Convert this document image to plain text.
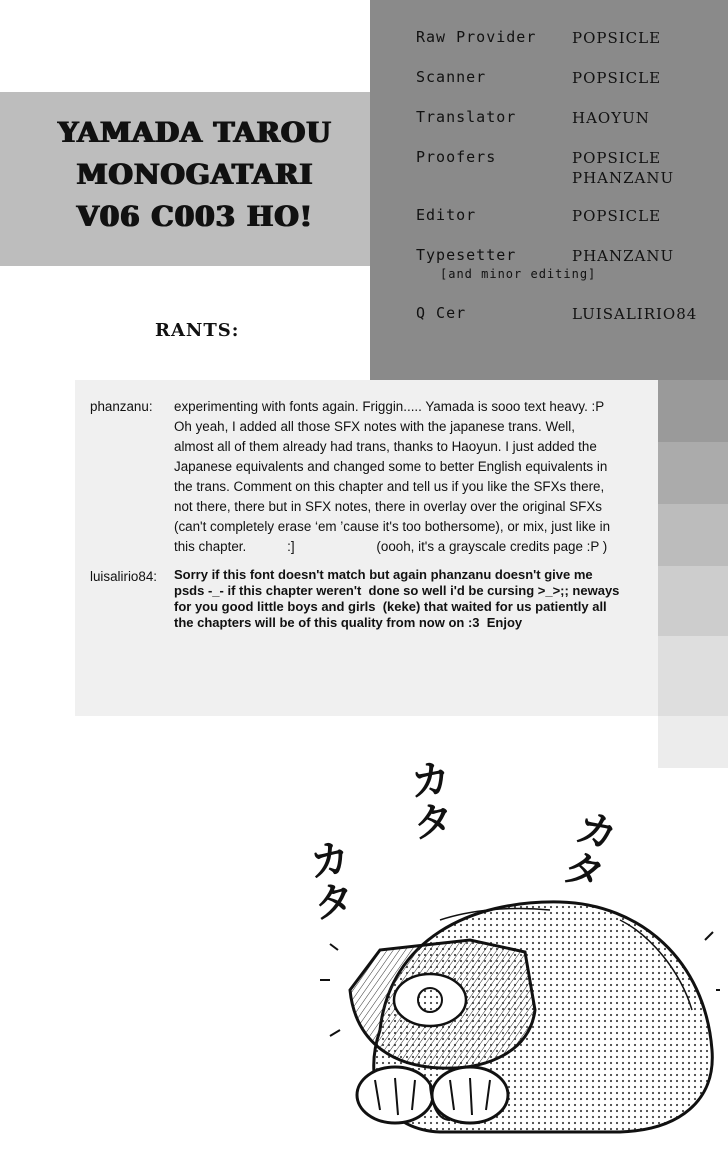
YAMADA TAROU
MONOGATARI
V06 C003 HO!
Raw Provider POPSICLE
Scanner	POPSICLE
Translator	HAOYUN
Proofers	POPSICLE
PHANZANU
Editor	POPSICLE
Typesetter	PHANZANU
[and minor editing]
Q Cer	LUISALIRIO84
RANTS:
phanzanu: experimenting with fonts again. Friggin..... Yamada is sooo text heavy. :P
Oh yeah, I added all those SFX notes with the japanese trans. Well,
almost all of them already had trans, thanks to Haoyun. I just added the
Japanese equivalents and changed some to better English equivalents in
the trans. Comment on this chapter and tell us if you like the SFXs there,
not there, there but in SFX notes, there in overlay over the original SFXs
(can't completely erase ‘em ’cause it's too bothersome), or mix, just like in
this chapter.           :]                      (oooh, it's a grayscale credits page :P )
luisalirio84: Sorry if this font doesn't match but again phanzanu doesn't give me
psds -_- if this chapter weren't  done so well i'd be cursing >_>;; neways
for you good little boys and girls  (keke) that waited for us patiently all
the chapters will be of this quality from now on :3  Enjoy
カ
タ
カ
タ
カ
タ
